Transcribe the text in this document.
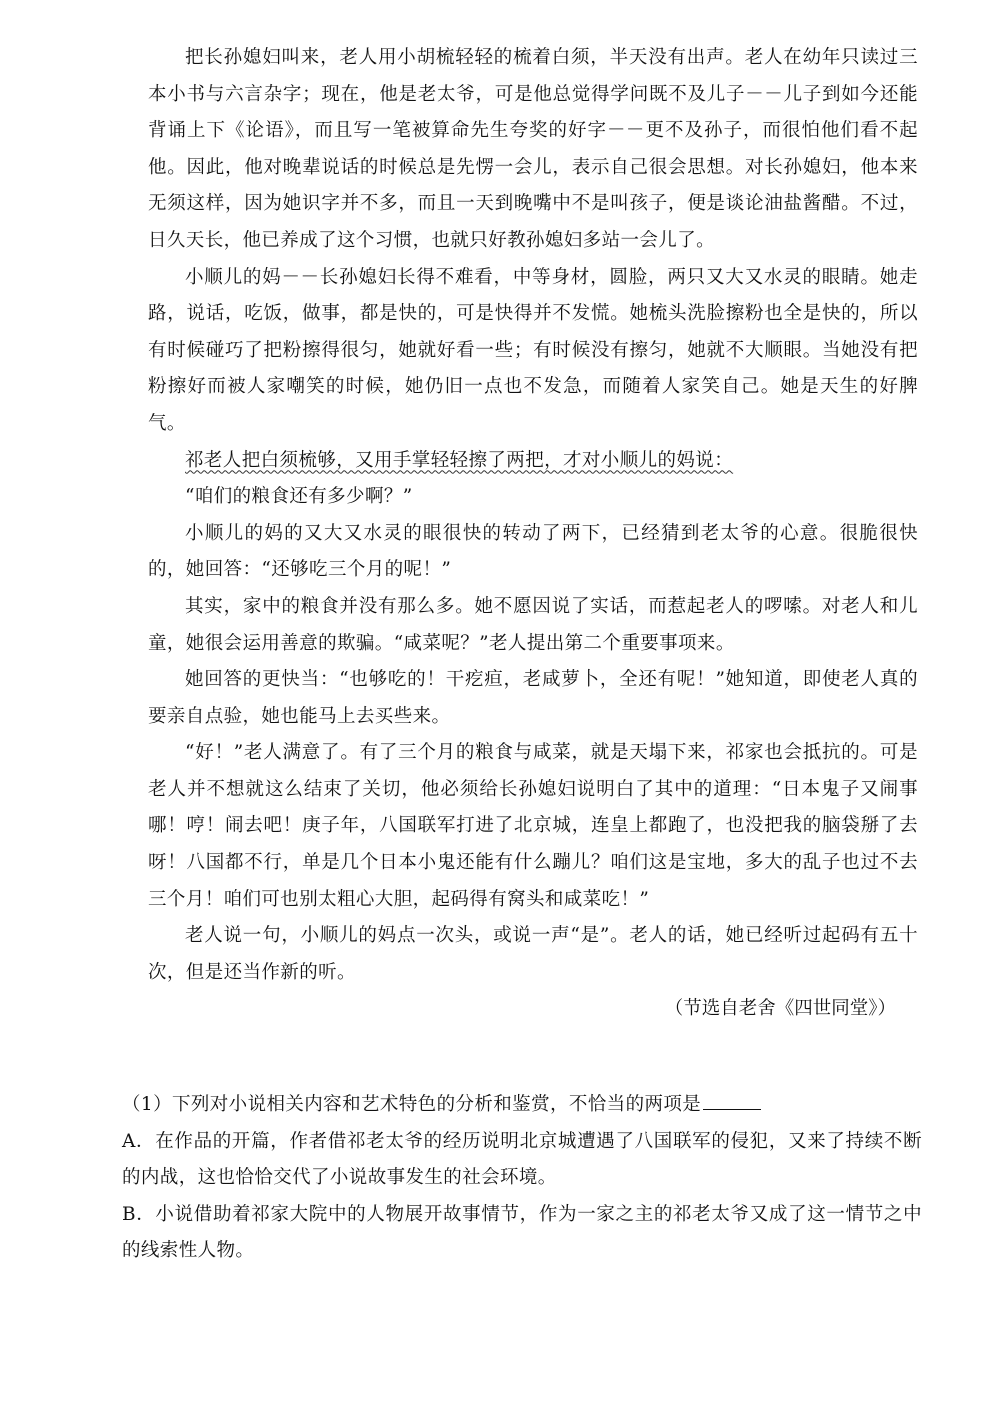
把长孙媳妇叫来，老人用小胡梳轻轻的梳着白须，半天没有出声。老人在幼年只读过三本小书与六言杂字；现在，他是老太爷，可是他总觉得学问既不及儿子－－儿子到如今还能背诵上下《论语》，而且写一笔被算命先生夸奖的好字－－更不及孙子，而很怕他们看不起他。因此，他对晚辈说话的时候总是先愣一会儿，表示自己很会思想。对长孙媳妇，他本来无须这样，因为她识字并不多，而且一天到晚嘴中不是叫孩子，便是谈论油盐酱醋。不过，日久天长，他已养成了这个习惯，也就只好教孙媳妇多站一会儿了。

小顺儿的妈－－长孙媳妇长得不难看，中等身材，圆脸，两只又大又水灵的眼睛。她走路，说话，吃饭，做事，都是快的，可是快得并不发慌。她梳头洗脸擦粉也全是快的，所以有时候碰巧了把粉擦得很匀，她就好看一些；有时候没有擦匀，她就不大顺眼。当她没有把粉擦好而被人家嘲笑的时候，她仍旧一点也不发急，而随着人家笑自己。她是天生的好脾气。

祁老人把白须梳够，又用手掌轻轻擦了两把，才对小顺儿的妈说：

“咱们的粮食还有多少啊？”

小顺儿的妈的又大又水灵的眼很快的转动了两下，已经猜到老太爷的心意。很脆很快的，她回答：“还够吃三个月的呢！”

其实，家中的粮食并没有那么多。她不愿因说了实话，而惹起老人的啰嗦。对老人和儿童，她很会运用善意的欺骗。“咸菜呢？”老人提出第二个重要事项来。

她回答的更快当：“也够吃的！干疙疸，老咸萝卜，全还有呢！”她知道，即使老人真的要亲自点验，她也能马上去买些来。

“好！”老人满意了。有了三个月的粮食与咸菜，就是天塌下来，祁家也会抵抗的。可是老人并不想就这么结束了关切，他必须给长孙媳妇说明白了其中的道理：“日本鬼子又闹事哪！哼！闹去吧！庚子年，八国联军打进了北京城，连皇上都跑了，也没把我的脑袋掰了去呀！八国都不行，单是几个日本小鬼还能有什么蹦儿？咱们这是宝地，多大的乱子也过不去三个月！咱们可也别太粗心大胆，起码得有窝头和咸菜吃！”

老人说一句，小顺儿的妈点一次头，或说一声“是”。老人的话，她已经听过起码有五十次，但是还当作新的听。

（节选自老舍《四世同堂》）

（1）下列对小说相关内容和艺术特色的分析和鉴赏，不恰当的两项是

A．在作品的开篇，作者借祁老太爷的经历说明北京城遭遇了八国联军的侵犯，又来了持续不断的内战，这也恰恰交代了小说故事发生的社会环境。

B．小说借助着祁家大院中的人物展开故事情节，作为一家之主的祁老太爷又成了这一情节之中的线索性人物。
